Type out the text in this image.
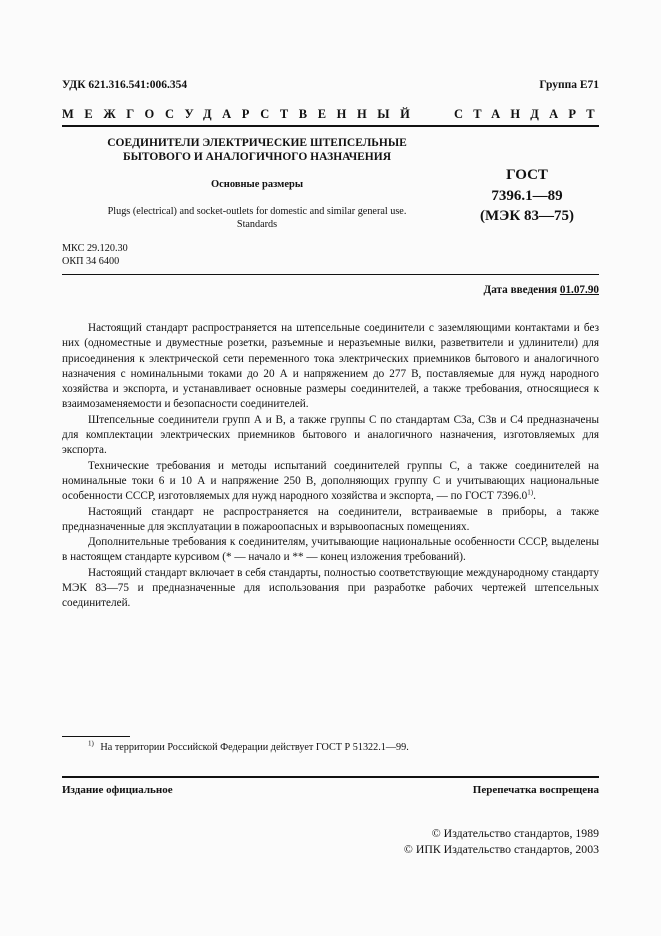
УДК 621.316.541:006.354	Группа Е71
МЕЖГОСУДАРСТВЕННЫЙ	СТАНДАРТ
СОЕДИНИТЕЛИ ЭЛЕКТРИЧЕСКИЕ ШТЕПСЕЛЬНЫЕ
БЫТОВОГО И АНАЛОГИЧНОГО НАЗНАЧЕНИЯ
Основные размеры
Plugs (electrical) and socket-outlets for domestic and similar general use.
Standards
ГОСТ
7396.1—89
(МЭК 83—75)
МКС 29.120.30
ОКП 34 6400
Дата введения 01.07.90

Настоящий стандарт распространяется на штепсельные соединители с заземляющими контактами и без них (одноместные и двуместные розетки, разъемные и неразъемные вилки, разветвители и удлинители) для присоединения к электрической сети переменного тока электрических приемников бытового и аналогичного назначения с номинальными токами до 20 А и напряжением до 277 В, поставляемые для нужд народного хозяйства и экспорта, и устанавливает основные размеры соединителей, а также требования, относящиеся к взаимозаменяемости и безопасности соединителей.

Штепсельные соединители групп А и В, а также группы С по стандартам С3а, С3в и С4 предназначены для комплектации электрических приемников бытового и аналогичного назначения, изготовляемых для экспорта.

Технические требования и методы испытаний соединителей группы С, а также соединителей на номинальные токи 6 и 10 А и напряжение 250 В, дополняющих группу С и учитывающих национальные особенности СССР, изготовляемых для нужд народного хозяйства и экспорта, — по ГОСТ 7396.0$^{1)}$.

Настоящий стандарт не распространяется на соединители, встраиваемые в приборы, а также предназначенные для эксплуатации в пожароопасных и взрывоопасных помещениях.

Дополнительные требования к соединителям, учитывающие национальные особенности СССР, выделены в настоящем стандарте курсивом (* — начало и ** — конец изложения требований).

Настоящий стандарт включает в себя стандарты, полностью соответствующие международному стандарту МЭК 83—75 и предназначенные для использования при разработке рабочих чертежей штепсельных соединителей.

$^{1)}$ На территории Российской Федерации действует ГОСТ Р 51322.1—99.
Издание официальное	Перепечатка воспрещена
© Издательство стандартов, 1989
© ИПК Издательство стандартов, 2003
